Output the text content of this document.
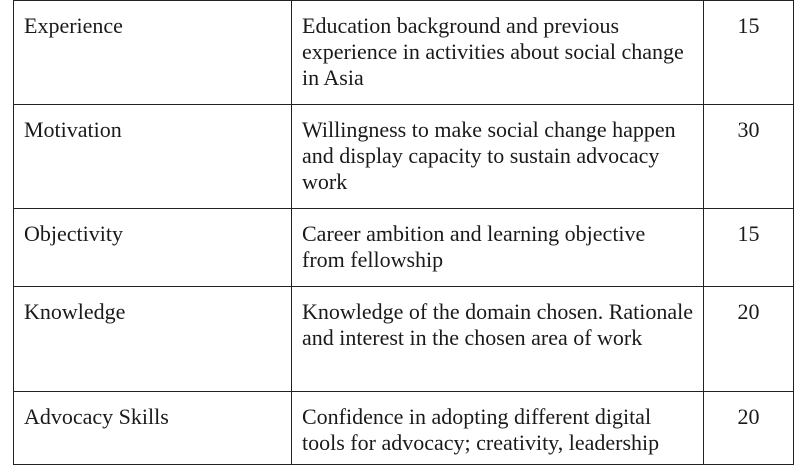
Experience	Education background and previous experience in activities about social change in Asia	15
Motivation	Willingness to make social change happen and display capacity to sustain advocacy work	30
Objectivity	Career ambition and learning objective from fellowship	15
Knowledge	Knowledge of the domain chosen. Rationale and interest in the chosen area of work	20
Advocacy Skills	Confidence in adopting different digital tools for advocacy; creativity, leadership	20
